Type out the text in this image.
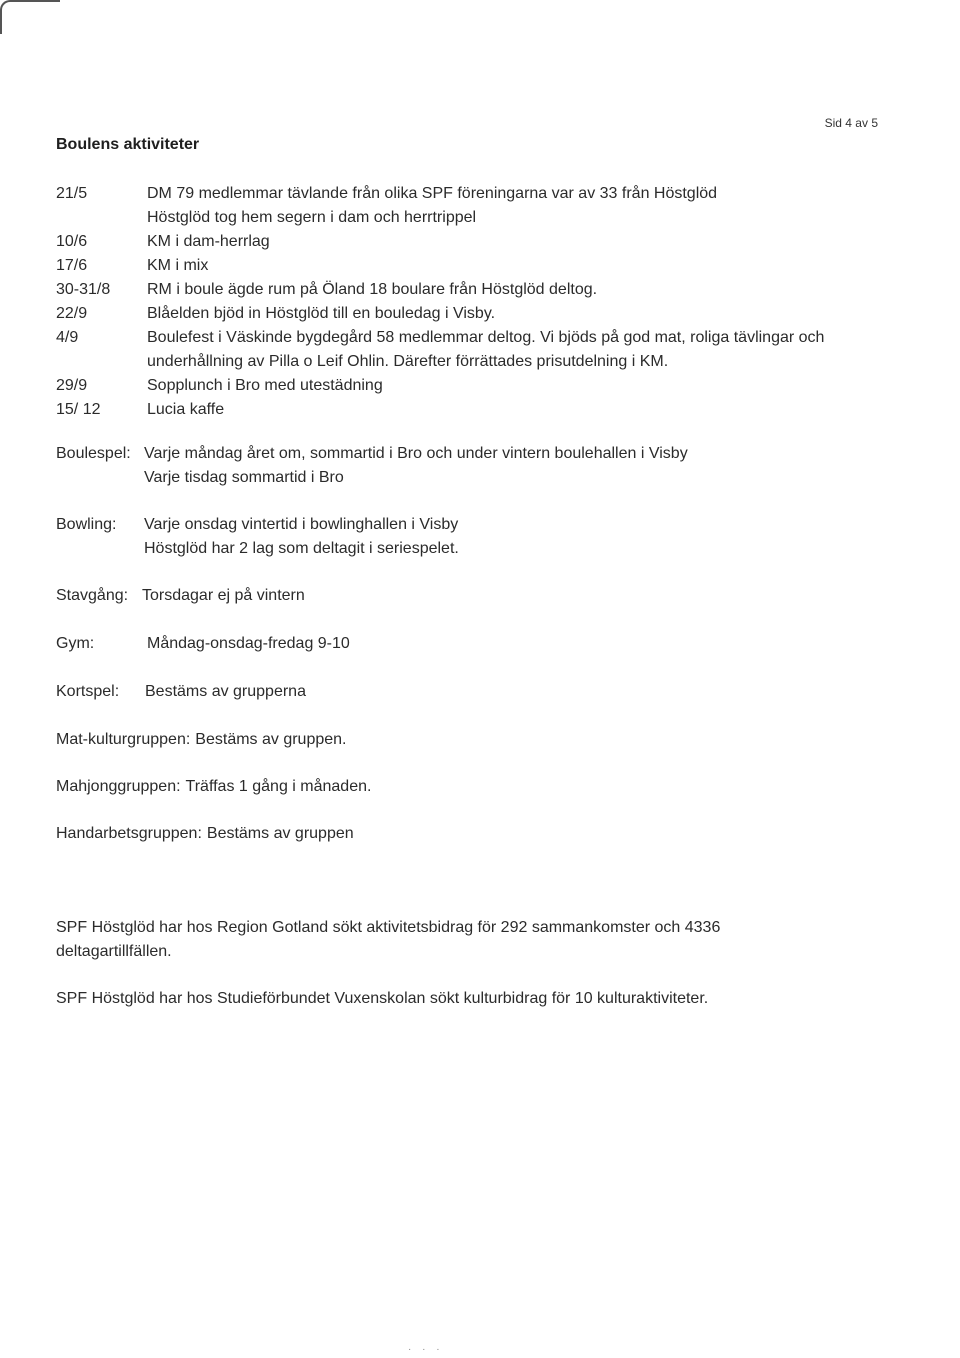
Sid 4 av 5
Boulens aktiviteter
21/5	DM 79 medlemmar tävlande från olika SPF föreningarna var av 33 från Höstglöd
Höstglöd tog hem segern i dam och herrtrippel
10/6	KM i dam-herrlag
17/6	KM i mix
30-31/8	RM i boule ägde rum på Öland 18 boulare från Höstglöd deltog.
22/9	Blåelden bjöd in Höstglöd till en bouledag i Visby.
4/9	Boulefest i Väskinde bygdegård 58 medlemmar deltog. Vi bjöds på god mat, roliga tävlingar och
underhållning av Pilla o Leif Ohlin. Därefter förrättades prisutdelning i KM.
29/9	Sopplunch i Bro med utestädning
15/ 12	Lucia kaffe
Boulespel: Varje måndag året om, sommartid i Bro och under vintern boulehallen i Visby
Varje tisdag sommartid i Bro
Bowling:	Varje onsdag vintertid i bowlinghallen i Visby
Höstglöd har 2 lag som deltagit i seriespelet.
Stavgång: Torsdagar ej på vintern
Gym:	Måndag-onsdag-fredag 9-10
Kortspel:	Bestäms av grupperna
Mat-kulturgruppen: Bestäms av gruppen.
Mahjonggruppen: Träffas 1 gång i månaden.
Handarbetsgruppen: Bestäms av gruppen
SPF Höstglöd har hos Region Gotland sökt aktivitetsbidrag för 292 sammankomster och 4336
deltagartillfällen.
SPF Höstglöd har hos Studieförbundet Vuxenskolan sökt kulturbidrag för 10 kulturaktiviteter.
· · ·
